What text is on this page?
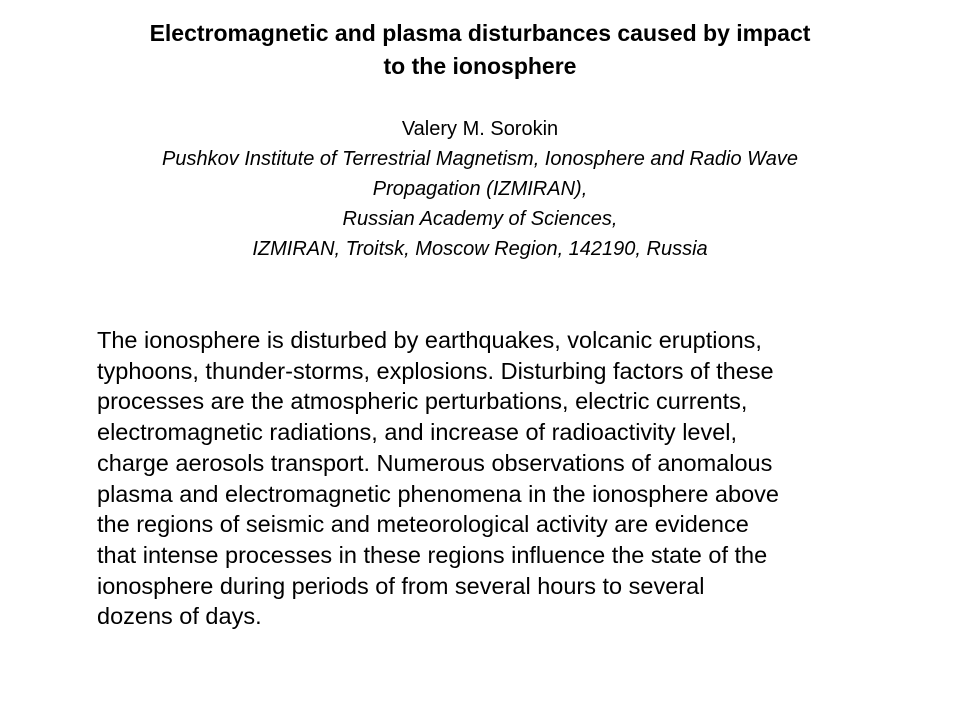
Electromagnetic and plasma disturbances caused by impact
to the ionosphere

Valery M. Sorokin

Pushkov Institute of Terrestrial Magnetism, Ionosphere and Radio Wave
Propagation (IZMIRAN),
Russian Academy of Sciences,
IZMIRAN, Troitsk, Moscow Region, 142190, Russia

The ionosphere is disturbed by earthquakes, volcanic eruptions,
typhoons, thunder-storms, explosions. Disturbing factors of these
processes are the atmospheric perturbations, electric currents,
electromagnetic radiations, and increase of radioactivity level,
charge aerosols transport. Numerous observations of anomalous
plasma and electromagnetic phenomena in the ionosphere above
the regions of seismic and meteorological activity are evidence
that intense processes in these regions influence the state of the
ionosphere during periods of from several hours to several
dozens of days.
